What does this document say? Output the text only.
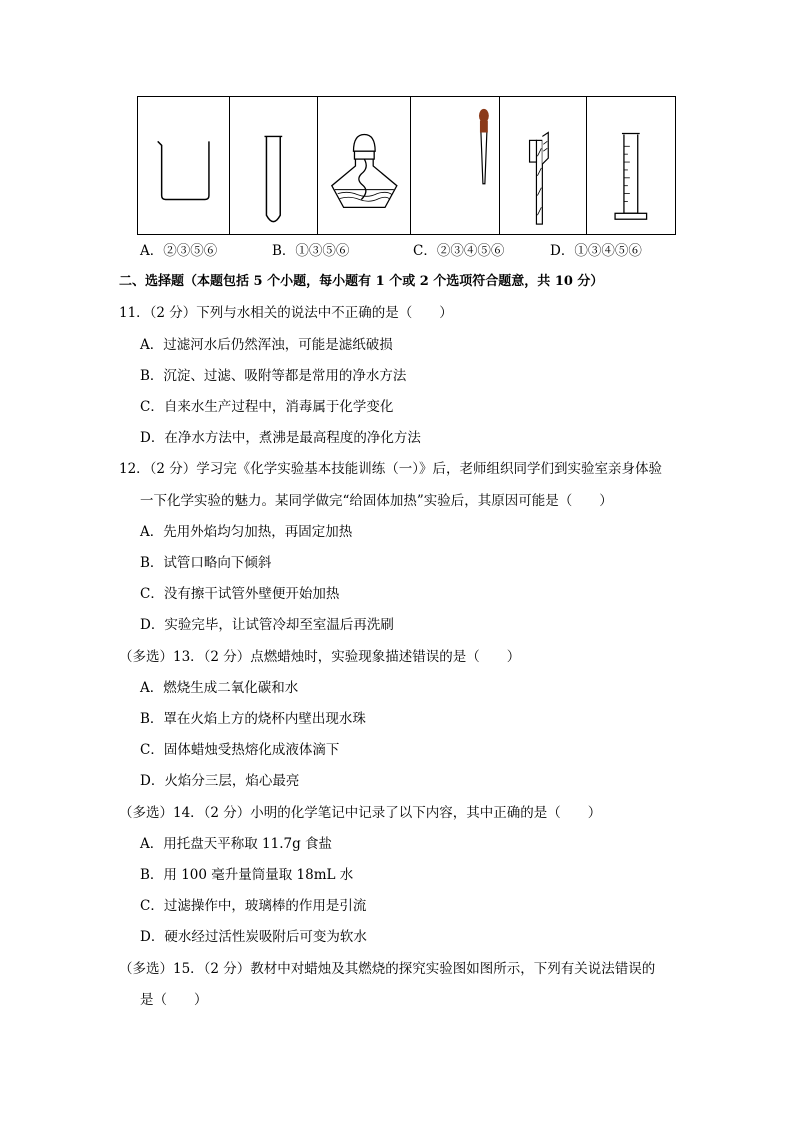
A．②③⑤⑥	B．①③⑤⑥	C．②③④⑤⑥	D．①③④⑤⑥
二、选择题（本题包括 5 个小题，每小题有 1 个或 2 个选项符合题意，共 10 分）
11．（2 分）下列与水相关的说法中不正确的是（　　）
A．过滤河水后仍然浑浊，可能是滤纸破损
B．沉淀、过滤、吸附等都是常用的净水方法
C．自来水生产过程中，消毒属于化学变化
D．在净水方法中，煮沸是最高程度的净化方法
12．（2 分）学习完《化学实验基本技能训练（一）》后，老师组织同学们到实验室亲身体验
一下化学实验的魅力。某同学做完“给固体加热”实验后，其原因可能是（　　）
A．先用外焰均匀加热，再固定加热
B．试管口略向下倾斜
C．没有擦干试管外壁便开始加热
D．实验完毕，让试管冷却至室温后再洗刷
（多选）13．（2 分）点燃蜡烛时，实验现象描述错误的是（　　）
A．燃烧生成二氧化碳和水
B．罩在火焰上方的烧杯内壁出现水珠
C．固体蜡烛受热熔化成液体滴下
D．火焰分三层，焰心最亮
（多选）14．（2 分）小明的化学笔记中记录了以下内容，其中正确的是（　　）
A．用托盘天平称取 11.7g 食盐
B．用 100 毫升量筒量取 18mL 水
C．过滤操作中，玻璃棒的作用是引流
D．硬水经过活性炭吸附后可变为软水
（多选）15．（2 分）教材中对蜡烛及其燃烧的探究实验图如图所示，下列有关说法错误的
是（　　）
